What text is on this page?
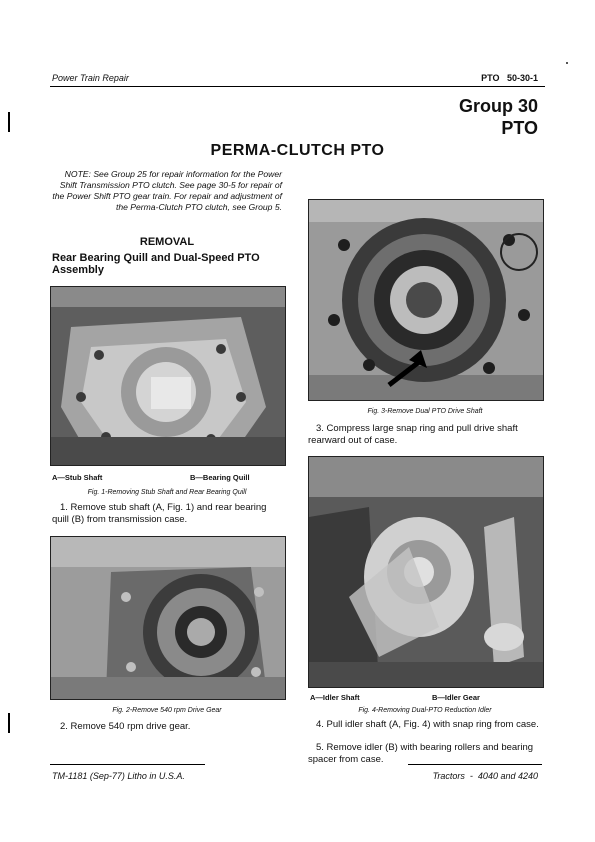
Power Train Repair	PTO   50-30-1
Group 30
PTO
PERMA-CLUTCH PTO
NOTE: See Group 25 for repair information for the Power Shift Transmission PTO clutch. See page 30-5 for repair of the Power Shift PTO gear train. For repair and adjustment of the Perma-Clutch PTO clutch, see Group 5.
REMOVAL
Rear Bearing Quill and Dual-Speed PTO Assembly
A—Stub Shaft	B—Bearing Quill
Fig. 1-Removing Stub Shaft and Rear Bearing Quill
1. Remove stub shaft (A, Fig. 1) and rear bearing quill (B) from transmission case.
Fig. 2-Remove 540 rpm Drive Gear
2. Remove 540 rpm drive gear.
Fig. 3-Remove Dual PTO Drive Shaft
3. Compress large snap ring and pull drive shaft rearward out of case.
A—Idler Shaft	B—Idler Gear
Fig. 4-Removing Dual-PTO Reduction Idler
4. Pull idler shaft (A, Fig. 4) with snap ring from case.
5. Remove idler (B) with bearing rollers and bearing spacer from case.
TM-1181 (Sep-77) Litho in U.S.A.	Tractors  -  4040 and 4240
